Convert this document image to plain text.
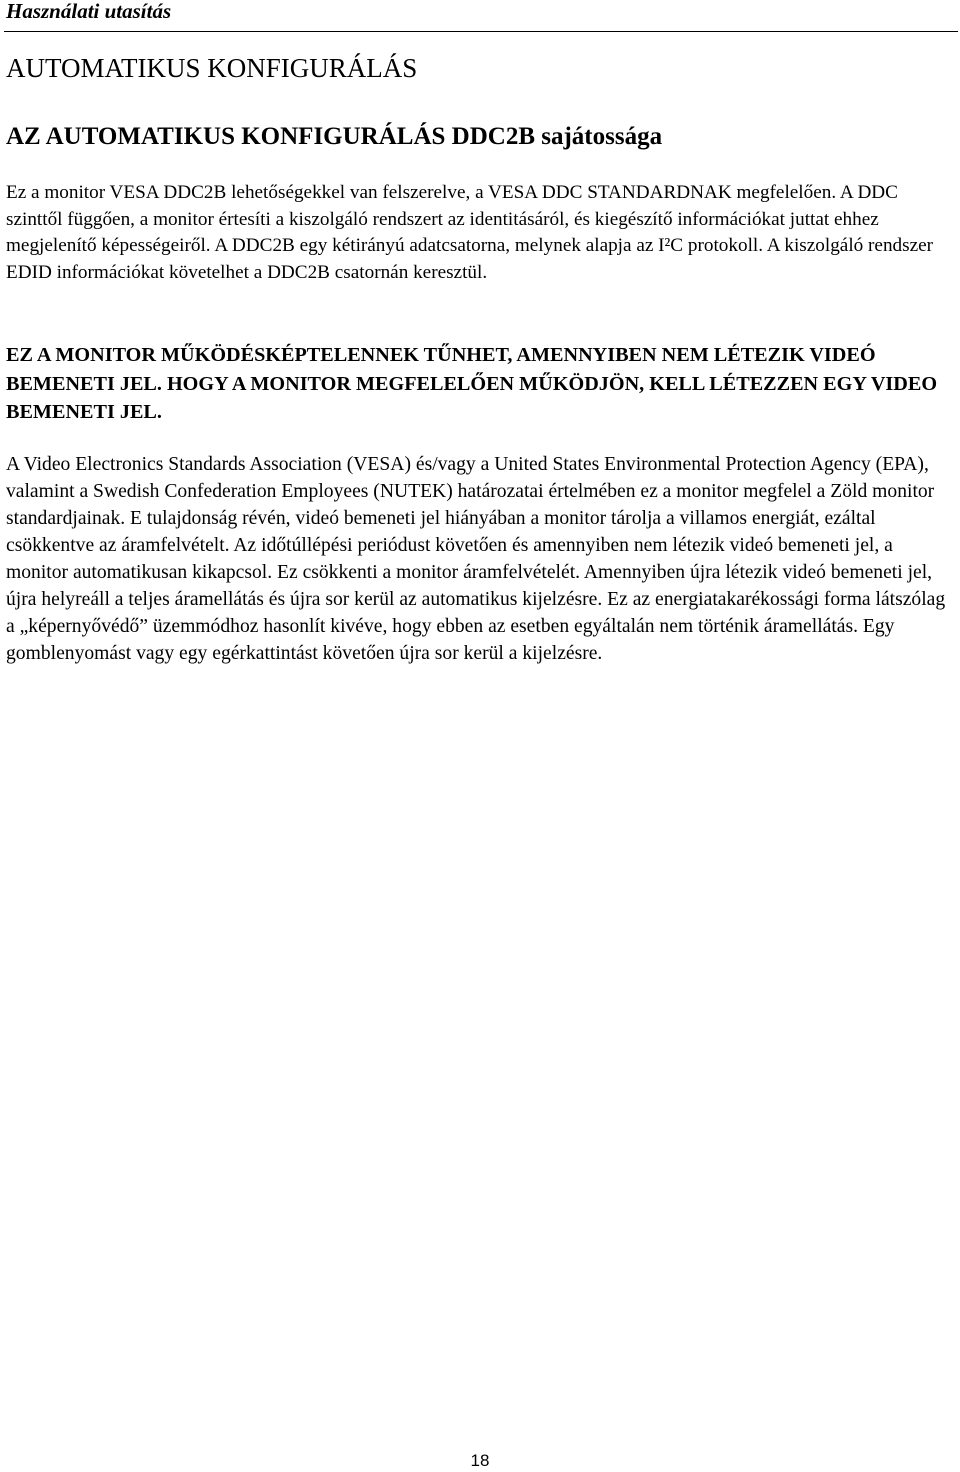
Használati utasítás

AUTOMATIKUS KONFIGURÁLÁS
AZ AUTOMATIKUS KONFIGURÁLÁS DDC2B sajátossága

Ez a monitor VESA DDC2B lehetőségekkel van felszerelve, a VESA DDC STANDARDNAK megfelelően. A DDC szinttől függően, a monitor értesíti a kiszolgáló rendszert az identitásáról, és kiegészítő információkat juttat ehhez megjelenítő képességeiről. A DDC2B egy kétirányú adatcsatorna, melynek alapja az I²C protokoll. A kiszolgáló rendszer EDID információkat követelhet a DDC2B csatornán keresztül.

EZ A MONITOR MŰKÖDÉSKÉPTELENNEK TŰNHET, AMENNYIBEN NEM LÉTEZIK VIDEÓ BEMENETI JEL. HOGY A MONITOR MEGFELELŐEN MŰKÖDJÖN, KELL LÉTEZZEN EGY VIDEO BEMENETI JEL.

A Video Electronics Standards Association (VESA) és/vagy a United States Environmental Protection Agency (EPA), valamint a Swedish Confederation Employees (NUTEK) határozatai értelmében ez a monitor megfelel a Zöld monitor standardjainak. E tulajdonság révén, videó bemeneti jel hiányában a monitor tárolja a villamos energiát, ezáltal csökkentve az áramfelvételt. Az időtúllépési periódust követően és amennyiben nem létezik videó bemeneti jel, a monitor automatikusan kikapcsol. Ez csökkenti a monitor áramfelvételét. Amennyiben újra létezik videó bemeneti jel, újra helyreáll a teljes áramellátás és újra sor kerül az automatikus kijelzésre. Ez az energiatakarékossági forma látszólag a „képernyővédő” üzemmódhoz hasonlít kivéve, hogy ebben az esetben egyáltalán nem történik áramellátás. Egy gomblenyomást vagy egy egérkattintást követően újra sor kerül a kijelzésre.

18
